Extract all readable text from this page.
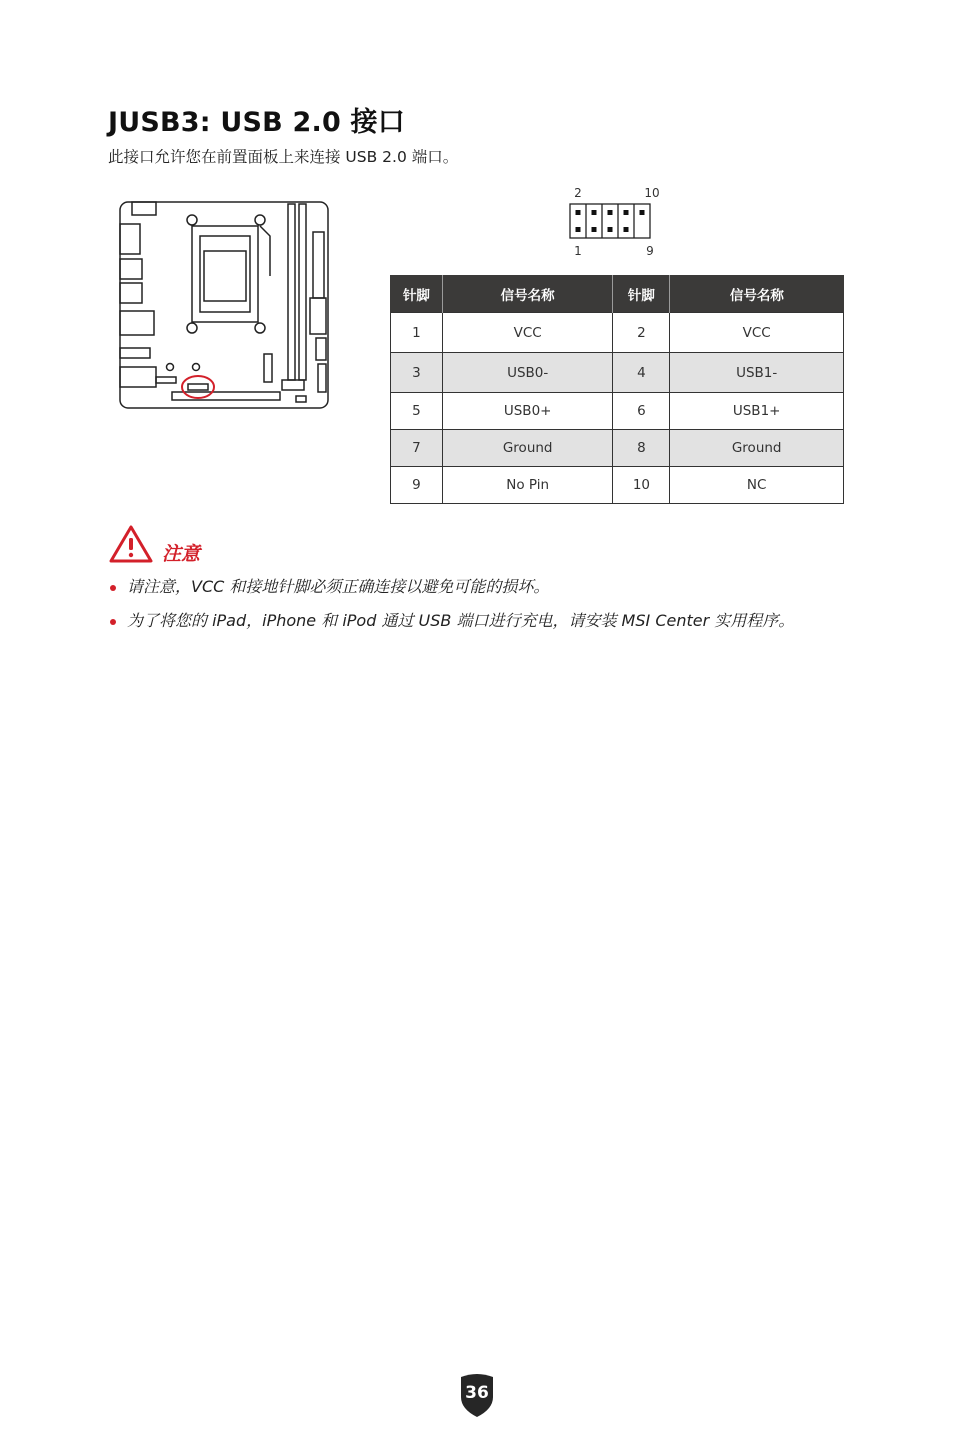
JUSB3: USB 2.0 接口
此接口允许您在前置面板上来连接 USB 2.0 端口。
2	10
1	9
针脚	信号名称	针脚	信号名称
1	VCC	2	VCC
3	USB0-	4	USB1-
5	USB0+	6	USB1+
7	Ground	8	Ground
9	No Pin	10	NC
注意
请注意，VCC 和接地针脚必须正确连接以避免可能的损坏。
为了将您的 iPad，iPhone 和 iPod 通过 USB 端口进行充电，请安装 MSI Center 实用程序。
36
